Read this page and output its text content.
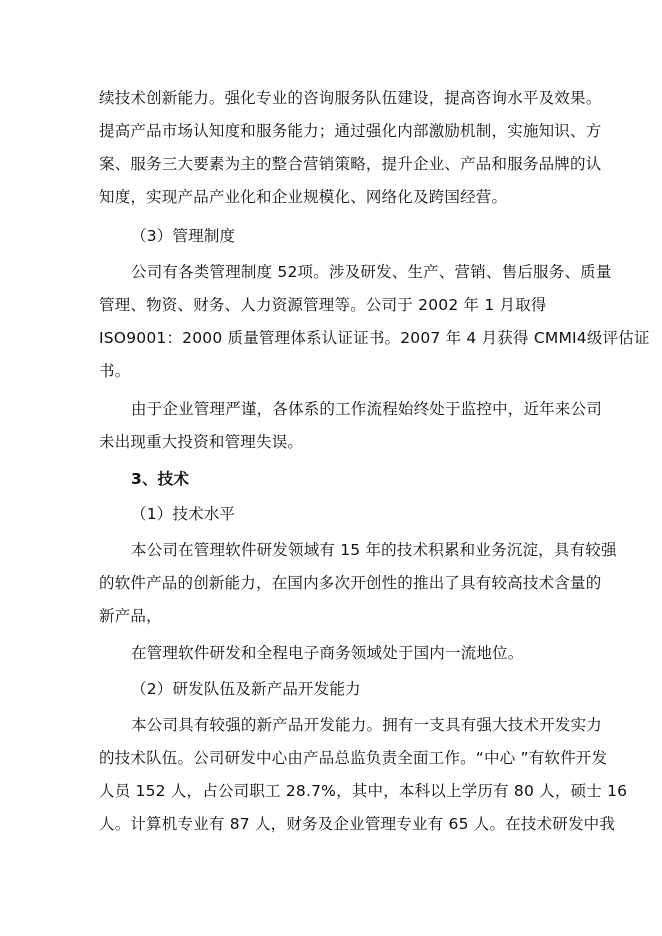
续技术创新能力。强化专业的咨询服务队伍建设，提高咨询水平及效果。
提高产品市场认知度和服务能力；通过强化内部激励机制，实施知识、方
案、服务三大要素为主的整合营销策略，提升企业、产品和服务品牌的认
知度，实现产品产业化和企业规模化、网络化及跨国经营。
（3）管理制度
公司有各类管理制度 52项。涉及研发、生产、营销、售后服务、质量
管理、物资、财务、人力资源管理等。公司于 2002 年 1 月取得
ISO9001：2000 质量管理体系认证证书。2007 年 4 月获得 CMMI4级评估证
书。
由于企业管理严谨，各体系的工作流程始终处于监控中，近年来公司
未出现重大投资和管理失误。
3、技术
（1）技术水平
本公司在管理软件研发领域有 15 年的技术积累和业务沉淀，具有较强
的软件产品的创新能力，在国内多次开创性的推出了具有较高技术含量的
新产品，
在管理软件研发和全程电子商务领域处于国内一流地位。
（2）研发队伍及新产品开发能力
本公司具有较强的新产品开发能力。拥有一支具有强大技术开发实力
的技术队伍。公司研发中心由产品总监负责全面工作。“中心 ”有软件开发
人员 152 人，占公司职工 28.7%，其中，本科以上学历有 80 人，硕士 16
人。计算机专业有 87 人，财务及企业管理专业有 65 人。在技术研发中我
